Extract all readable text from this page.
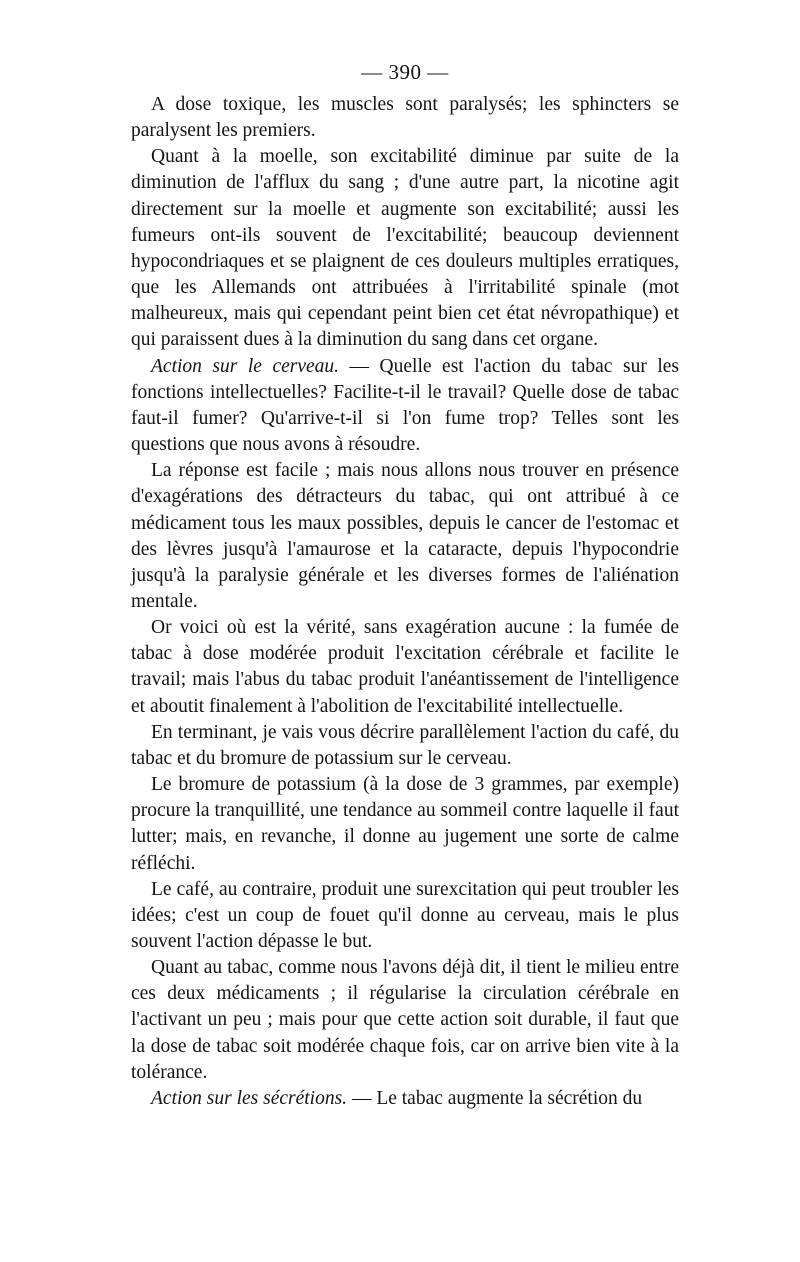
— 390 —

A dose toxique, les muscles sont paralysés; les sphincters se paralysent les premiers.

Quant à la moelle, son excitabilité diminue par suite de la diminution de l'afflux du sang ; d'une autre part, la nicotine agit directement sur la moelle et augmente son excitabilité; aussi les fumeurs ont-ils souvent de l'excitabilité; beaucoup deviennent hypocondriaques et se plaignent de ces douleurs multiples erratiques, que les Allemands ont attribuées à l'irritabilité spinale (mot malheureux, mais qui cependant peint bien cet état névropathique) et qui paraissent dues à la diminution du sang dans cet organe.

Action sur le cerveau. — Quelle est l'action du tabac sur les fonctions intellectuelles? Facilite-t-il le travail? Quelle dose de tabac faut-il fumer? Qu'arrive-t-il si l'on fume trop? Telles sont les questions que nous avons à résoudre.

La réponse est facile ; mais nous allons nous trouver en présence d'exagérations des détracteurs du tabac, qui ont attribué à ce médicament tous les maux possibles, depuis le cancer de l'estomac et des lèvres jusqu'à l'amaurose et la cataracte, depuis l'hypocondrie jusqu'à la paralysie générale et les diverses formes de l'aliénation mentale.

Or voici où est la vérité, sans exagération aucune : la fumée de tabac à dose modérée produit l'excitation cérébrale et facilite le travail; mais l'abus du tabac produit l'anéantissement de l'intelligence et aboutit finalement à l'abolition de l'excitabilité intellectuelle.

En terminant, je vais vous décrire parallèlement l'action du café, du tabac et du bromure de potassium sur le cerveau.

Le bromure de potassium (à la dose de 3 grammes, par exemple) procure la tranquillité, une tendance au sommeil contre laquelle il faut lutter; mais, en revanche, il donne au jugement une sorte de calme réfléchi.

Le café, au contraire, produit une surexcitation qui peut troubler les idées; c'est un coup de fouet qu'il donne au cerveau, mais le plus souvent l'action dépasse le but.

Quant au tabac, comme nous l'avons déjà dit, il tient le milieu entre ces deux médicaments ; il régularise la circulation cérébrale en l'activant un peu ; mais pour que cette action soit durable, il faut que la dose de tabac soit modérée chaque fois, car on arrive bien vite à la tolérance.

Action sur les sécrétions. — Le tabac augmente la sécrétion du
